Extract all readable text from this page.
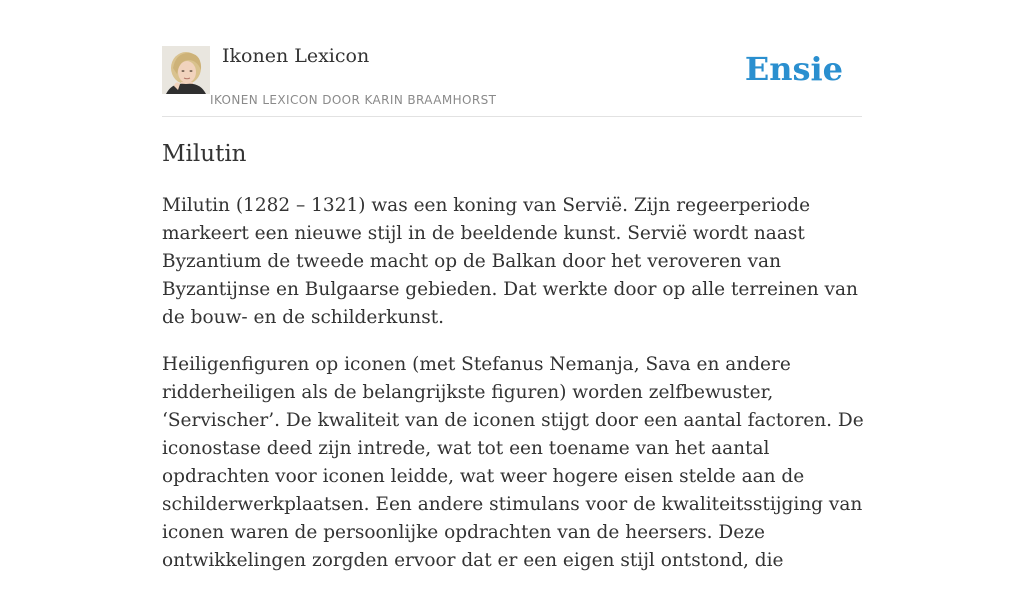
Ikonen Lexicon
IKONEN LEXICON DOOR KARIN BRAAMHORST
Ensie
Milutin

Milutin (1282 – 1321) was een koning van Servië. Zijn regeerperiode markeert een nieuwe stijl in de beeldende kunst. Servië wordt naast Byzantium de tweede macht op de Balkan door het veroveren van Byzantijnse en Bulgaarse gebieden. Dat werkte door op alle terreinen van de bouw- en de schilderkunst.

Heiligenfiguren op iconen (met Stefanus Nemanja, Sava en andere ridderheiligen als de belangrijkste figuren) worden zelfbewuster, ‘Servischer’. De kwaliteit van de iconen stijgt door een aantal factoren. De iconostase deed zijn intrede, wat tot een toename van het aantal opdrachten voor iconen leidde, wat weer hogere eisen stelde aan de schilderwerkplaatsen. Een andere stimulans voor de kwaliteitsstijging van iconen waren de persoonlijke opdrachten van de heersers. Deze ontwikkelingen zorgden ervoor dat er een eigen stijl ontstond, die
